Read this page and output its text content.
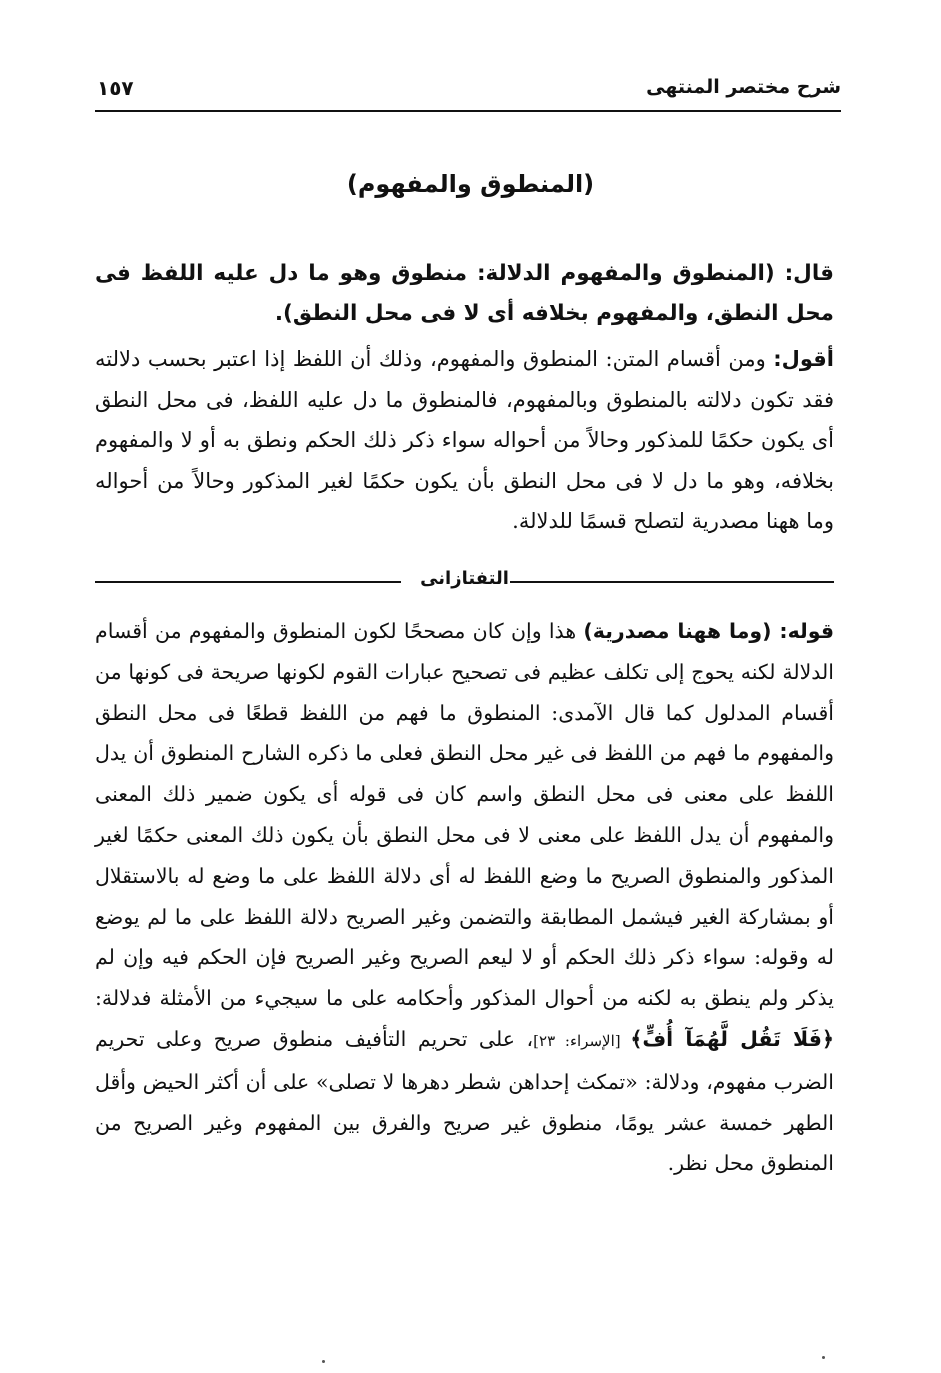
شرح مختصر المنتهى
١٥٧
(المنطوق والمفهوم)

قال: (المنطوق والمفهوم الدلالة: منطوق وهو ما دل عليه اللفظ فى محل النطق، والمفهوم بخلافه أى لا فى محل النطق).

أقول: ومن أقسام المتن: المنطوق والمفهوم، وذلك أن اللفظ إذا اعتبر بحسب دلالته فقد تكون دلالته بالمنطوق وبالمفهوم، فالمنطوق ما دل عليه اللفظ، فى محل النطق أى يكون حكمًا للمذكور وحالاً من أحواله سواء ذكر ذلك الحكم ونطق به أو لا والمفهوم بخلافه، وهو ما دل لا فى محل النطق بأن يكون حكمًا لغير المذكور وحالاً من أحواله وما ههنا مصدرية لتصلح قسمًا للدلالة.

التفتازانى

قوله: (وما ههنا مصدرية) هذا وإن كان مصححًا لكون المنطوق والمفهوم من أقسام الدلالة لكنه يحوج إلى تكلف عظيم فى تصحيح عبارات القوم لكونها صريحة فى كونها من أقسام المدلول كما قال الآمدى: المنطوق ما فهم من اللفظ قطعًا فى محل النطق والمفهوم ما فهم من اللفظ فى غير محل النطق فعلى ما ذكره الشارح المنطوق أن يدل اللفظ على معنى فى محل النطق واسم كان فى قوله أى يكون ضمير ذلك المعنى والمفهوم أن يدل اللفظ على معنى لا فى محل النطق بأن يكون ذلك المعنى حكمًا لغير المذكور والمنطوق الصريح ما وضع اللفظ له أى دلالة اللفظ على ما وضع له بالاستقلال أو بمشاركة الغير فيشمل المطابقة والتضمن وغير الصريح دلالة اللفظ على ما لم يوضع له وقوله: سواء ذكر ذلك الحكم أو لا ليعم الصريح وغير الصريح فإن الحكم فيه وإن لم يذكر ولم ينطق به لكنه من أحوال المذكور وأحكامه على ما سيجيء من الأمثلة فدلالة: ﴿فَلَا تَقُل لَّهُمَآ أُفٍّ﴾ [الإسراء: ٢٣]، على تحريم التأفيف منطوق صريح وعلى تحريم الضرب مفهوم، ودلالة: «تمكث إحداهن شطر دهرها لا تصلى» على أن أكثر الحيض وأقل الطهر خمسة عشر يومًا، منطوق غير صريح والفرق بين المفهوم وغير الصريح من المنطوق محل نظر.
